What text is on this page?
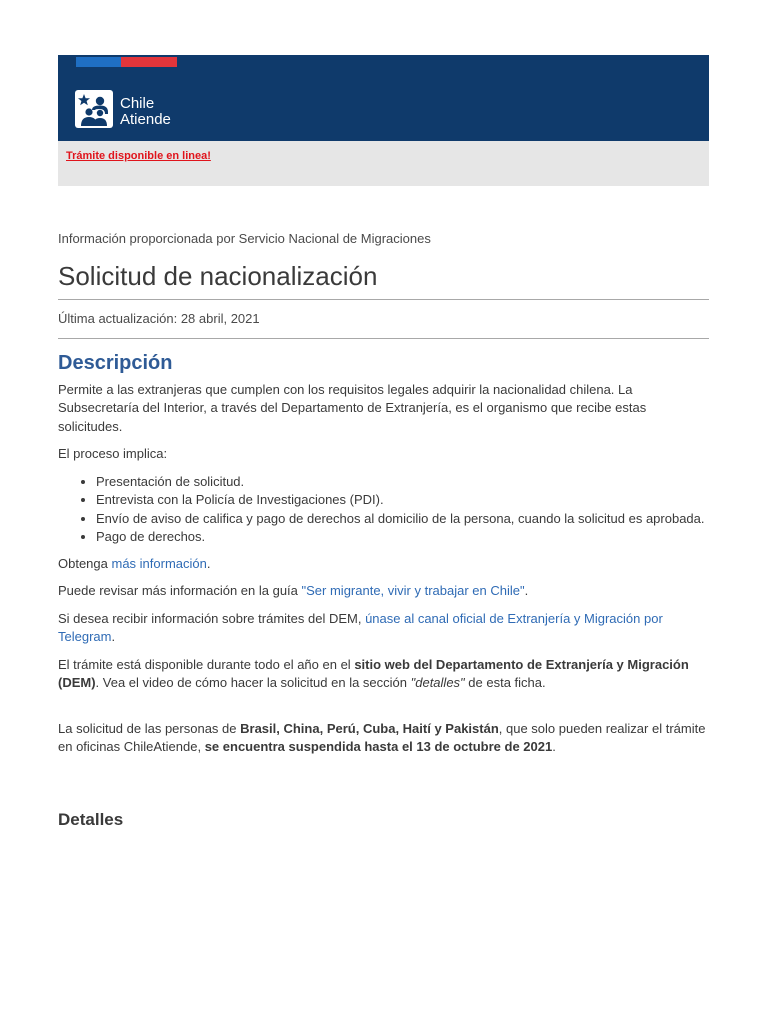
Chile
Atiende
Trámite disponible en linea!

Información proporcionada por Servicio Nacional de Migraciones

Solicitud de nacionalización
Última actualización: 28 abril, 2021
Descripción

Permite a las extranjeras que cumplen con los requisitos legales adquirir la nacionalidad chilena. La Subsecretaría del Interior, a través del Departamento de Extranjería, es el organismo que recibe estas solicitudes.

El proceso implica:

• Presentación de solicitud.
• Entrevista con la Policía de Investigaciones (PDI).
• Envío de aviso de califica y pago de derechos al domicilio de la persona, cuando la solicitud es aprobada.
• Pago de derechos.

Obtenga más información.

Puede revisar más información en la guía "Ser migrante, vivir y trabajar en Chile".

Si desea recibir información sobre trámites del DEM, únase al canal oficial de Extranjería y Migración por Telegram.

El trámite está disponible durante todo el año en el sitio web del Departamento de Extranjería y Migración (DEM). Vea el video de cómo hacer la solicitud en la sección "detalles" de esta ficha.

La solicitud de las personas de Brasil, China, Perú, Cuba, Haití y Pakistán, que solo pueden realizar el trámite en oficinas ChileAtiende, se encuentra suspendida hasta el 13 de octubre de 2021.

Detalles
